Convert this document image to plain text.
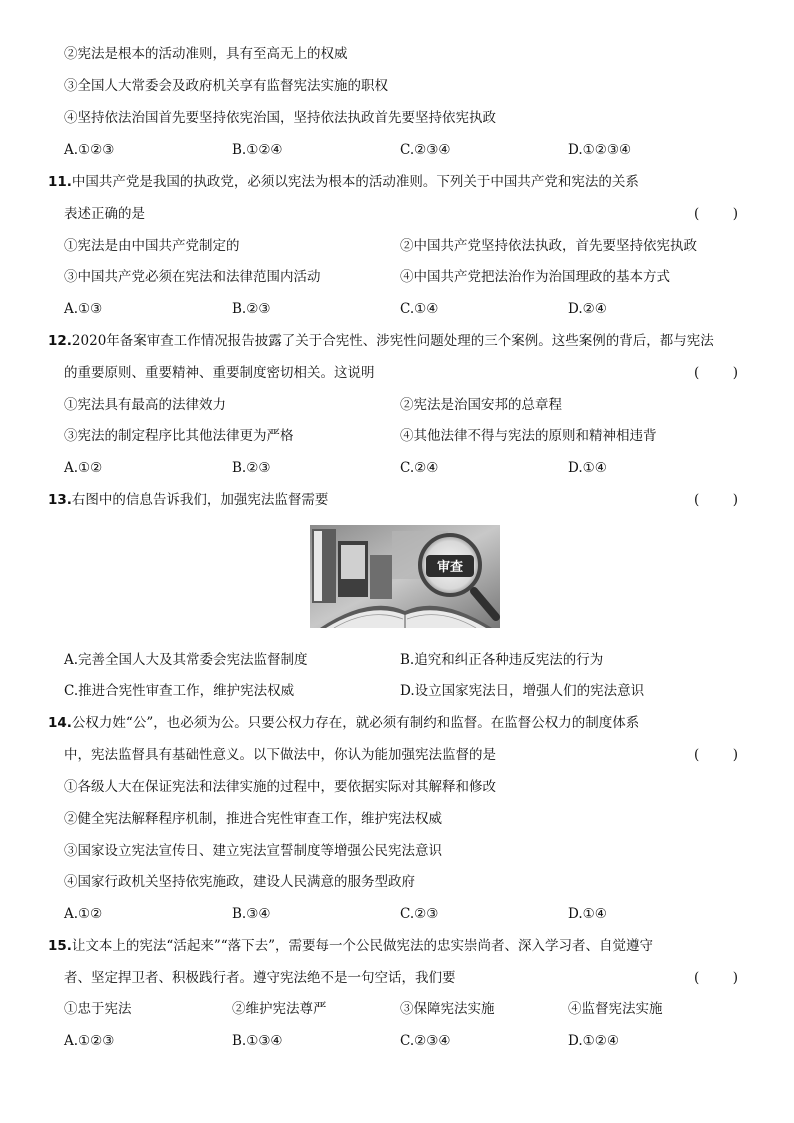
②宪法是根本的活动准则，具有至高无上的权威
③全国人大常委会及政府机关享有监督宪法实施的职权
④坚持依法治国首先要坚持依宪治国，坚持依法执政首先要坚持依宪执政
A.①②③	B.①②④	C.②③④	D.①②③④
11.中国共产党是我国的执政党，必须以宪法为根本的活动准则。下列关于中国共产党和宪法的关系
表述正确的是	( )
①宪法是由中国共产党制定的	②中国共产党坚持依法执政，首先要坚持依宪执政
③中国共产党必须在宪法和法律范围内活动	④中国共产党把法治作为治国理政的基本方式
A.①③	B.②③	C.①④	D.②④
12.2020年备案审查工作情况报告披露了关于合宪性、涉宪性问题处理的三个案例。这些案例的背后，都与宪法
的重要原则、重要精神、重要制度密切相关。这说明	( )
①宪法具有最高的法律效力	②宪法是治国安邦的总章程
③宪法的制定程序比其他法律更为严格	④其他法律不得与宪法的原则和精神相违背
A.①②	B.②③	C.②④	D.①④
13.右图中的信息告诉我们，加强宪法监督需要	( )
审查
A.完善全国人大及其常委会宪法监督制度	B.追究和纠正各种违反宪法的行为
C.推进合宪性审查工作，维护宪法权威	D.设立国家宪法日，增强人们的宪法意识
14.公权力姓“公”，也必须为公。只要公权力存在，就必须有制约和监督。在监督公权力的制度体系
中，宪法监督具有基础性意义。以下做法中，你认为能加强宪法监督的是	( )
①各级人大在保证宪法和法律实施的过程中，要依据实际对其解释和修改
②健全宪法解释程序机制，推进合宪性审查工作，维护宪法权威
③国家设立宪法宣传日、建立宪法宣誓制度等增强公民宪法意识
④国家行政机关坚持依宪施政，建设人民满意的服务型政府
A.①②	B.③④	C.②③	D.①④
15.让文本上的宪法“活起来”“落下去”，需要每一个公民做宪法的忠实崇尚者、深入学习者、自觉遵守
者、坚定捍卫者、积极践行者。遵守宪法绝不是一句空话，我们要	( )
①忠于宪法	②维护宪法尊严	③保障宪法实施	④监督宪法实施
A.①②③	B.①③④	C.②③④	D.①②④
